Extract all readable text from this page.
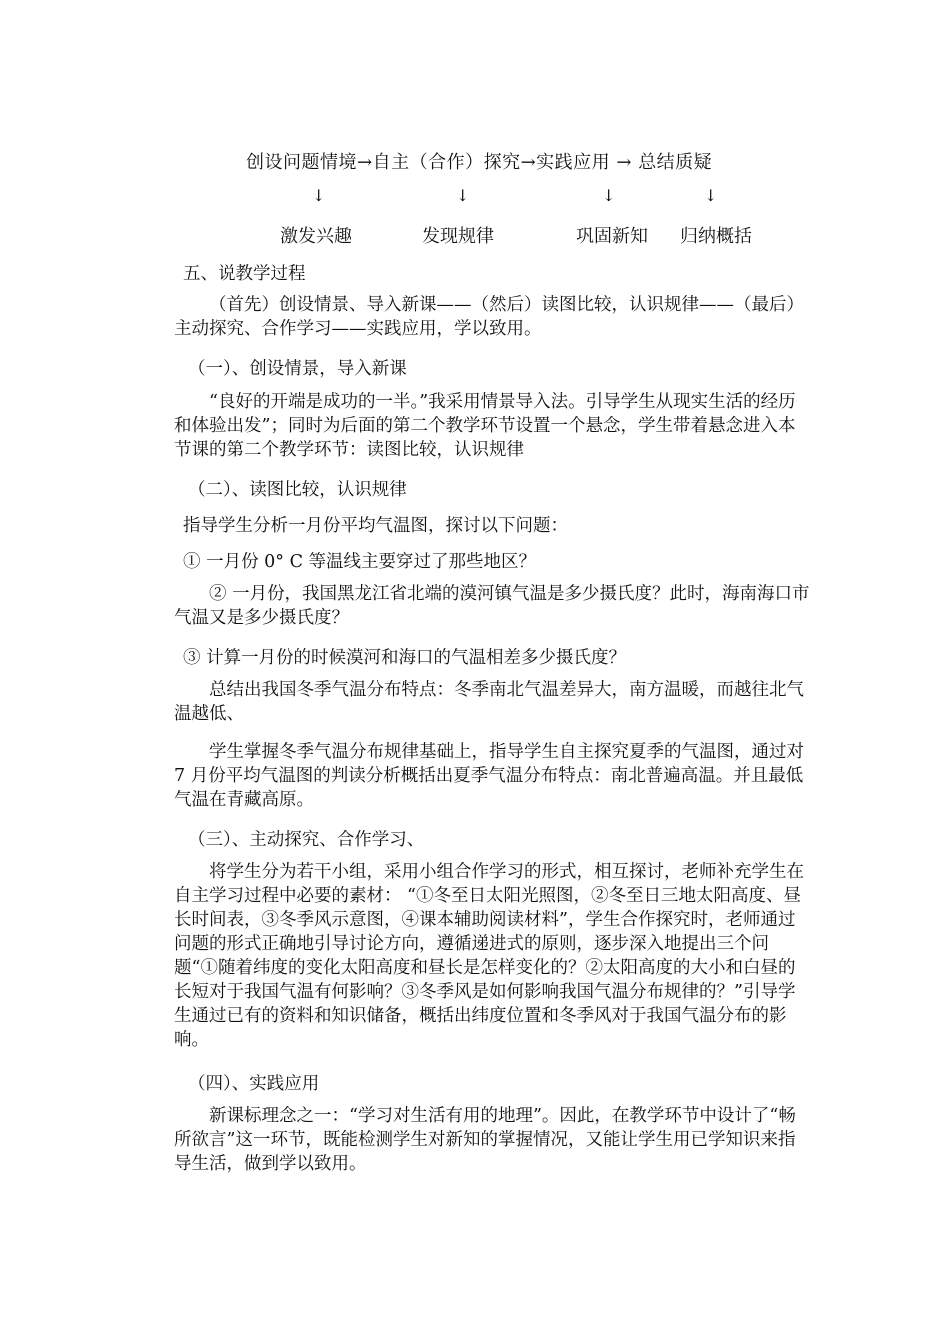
创设问题情境→自主（合作）探究→实践应用 → 总结质疑
↓	↓	↓	↓
激发兴趣	发现规律	巩固新知 归纳概括
五、说教学过程

（首先）创设情景、导入新课——（然后）读图比较，认识规律——（最后）主动探究、合作学习——实践应用，学以致用。

（一）、创设情景，导入新课

“良好的开端是成功的一半。”我采用情景导入法。引导学生从现实生活的经历和体验出发”；同时为后面的第二个教学环节设置一个悬念，学生带着悬念进入本节课的第二个教学环节：读图比较，认识规律

（二）、读图比较，认识规律
指导学生分析一月份平均气温图，探讨以下问题：
① 一月份 0° C 等温线主要穿过了那些地区？

② 一月份，我国黑龙江省北端的漠河镇气温是多少摄氏度？此时，海南海口市气温又是多少摄氏度？

③ 计算一月份的时候漠河和海口的气温相差多少摄氏度？

总结出我国冬季气温分布特点：冬季南北气温差异大，南方温暖，而越往北气温越低、

学生掌握冬季气温分布规律基础上，指导学生自主探究夏季的气温图，通过对 7 月份平均气温图的判读分析概括出夏季气温分布特点：南北普遍高温。并且最低气温在青藏高原。

（三）、主动探究、合作学习、

将学生分为若干小组，采用小组合作学习的形式，相互探讨，老师补充学生在自主学习过程中必要的素材： “①冬至日太阳光照图，②冬至日三地太阳高度、昼长时间表，③冬季风示意图，④课本辅助阅读材料”，学生合作探究时，老师通过问题的形式正确地引导讨论方向，遵循递进式的原则，逐步深入地提出三个问题“①随着纬度的变化太阳高度和昼长是怎样变化的？②太阳高度的大小和白昼的长短对于我国气温有何影响？③冬季风是如何影响我国气温分布规律的？”引导学生通过已有的资料和知识储备，概括出纬度位置和冬季风对于我国气温分布的影响。

（四）、实践应用

新课标理念之一：“学习对生活有用的地理”。因此，在教学环节中设计了“畅所欲言”这一环节，既能检测学生对新知的掌握情况，又能让学生用已学知识来指导生活，做到学以致用。
